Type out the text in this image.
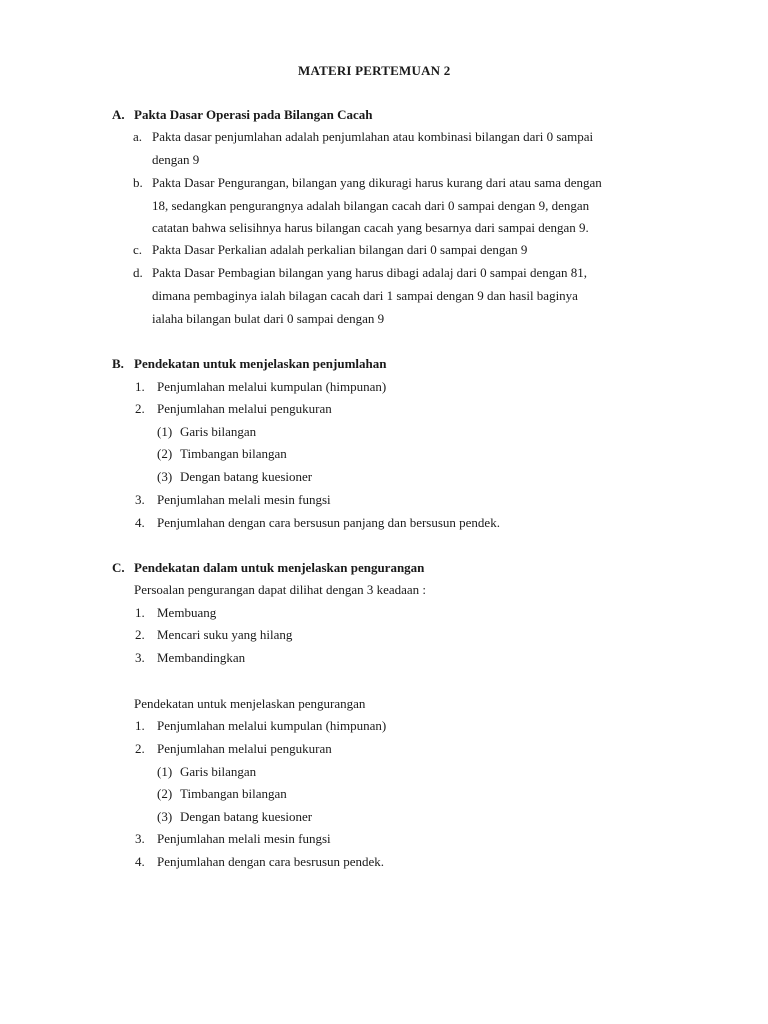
MATERI PERTEMUAN 2
A. Pakta Dasar Operasi pada Bilangan Cacah
a. Pakta dasar penjumlahan adalah penjumlahan atau kombinasi bilangan dari 0 sampai
dengan 9
b. Pakta Dasar Pengurangan, bilangan yang dikuragi harus kurang dari atau sama dengan
18, sedangkan pengurangnya adalah bilangan cacah dari 0 sampai dengan 9, dengan
catatan bahwa selisihnya harus bilangan cacah yang besarnya dari sampai dengan 9.
c. Pakta Dasar Perkalian adalah perkalian bilangan dari 0 sampai dengan 9
d. Pakta Dasar Pembagian bilangan yang harus dibagi adalaj dari 0 sampai dengan 81,
dimana pembaginya ialah bilagan cacah dari 1 sampai dengan 9 dan hasil baginya
ialaha bilangan bulat dari 0 sampai dengan 9
B. Pendekatan untuk menjelaskan penjumlahan
1. Penjumlahan melalui kumpulan (himpunan)
2. Penjumlahan melalui pengukuran
(1) Garis bilangan
(2) Timbangan bilangan
(3) Dengan batang kuesioner
3. Penjumlahan melali mesin fungsi
4. Penjumlahan dengan cara bersusun panjang dan bersusun pendek.
C. Pendekatan dalam untuk menjelaskan pengurangan
Persoalan pengurangan dapat dilihat dengan 3 keadaan :
1. Membuang
2. Mencari suku yang hilang
3. Membandingkan
Pendekatan untuk menjelaskan pengurangan
1. Penjumlahan melalui kumpulan (himpunan)
2. Penjumlahan melalui pengukuran
(1) Garis bilangan
(2) Timbangan bilangan
(3) Dengan batang kuesioner
3. Penjumlahan melali mesin fungsi
4. Penjumlahan dengan cara besrusun pendek.
